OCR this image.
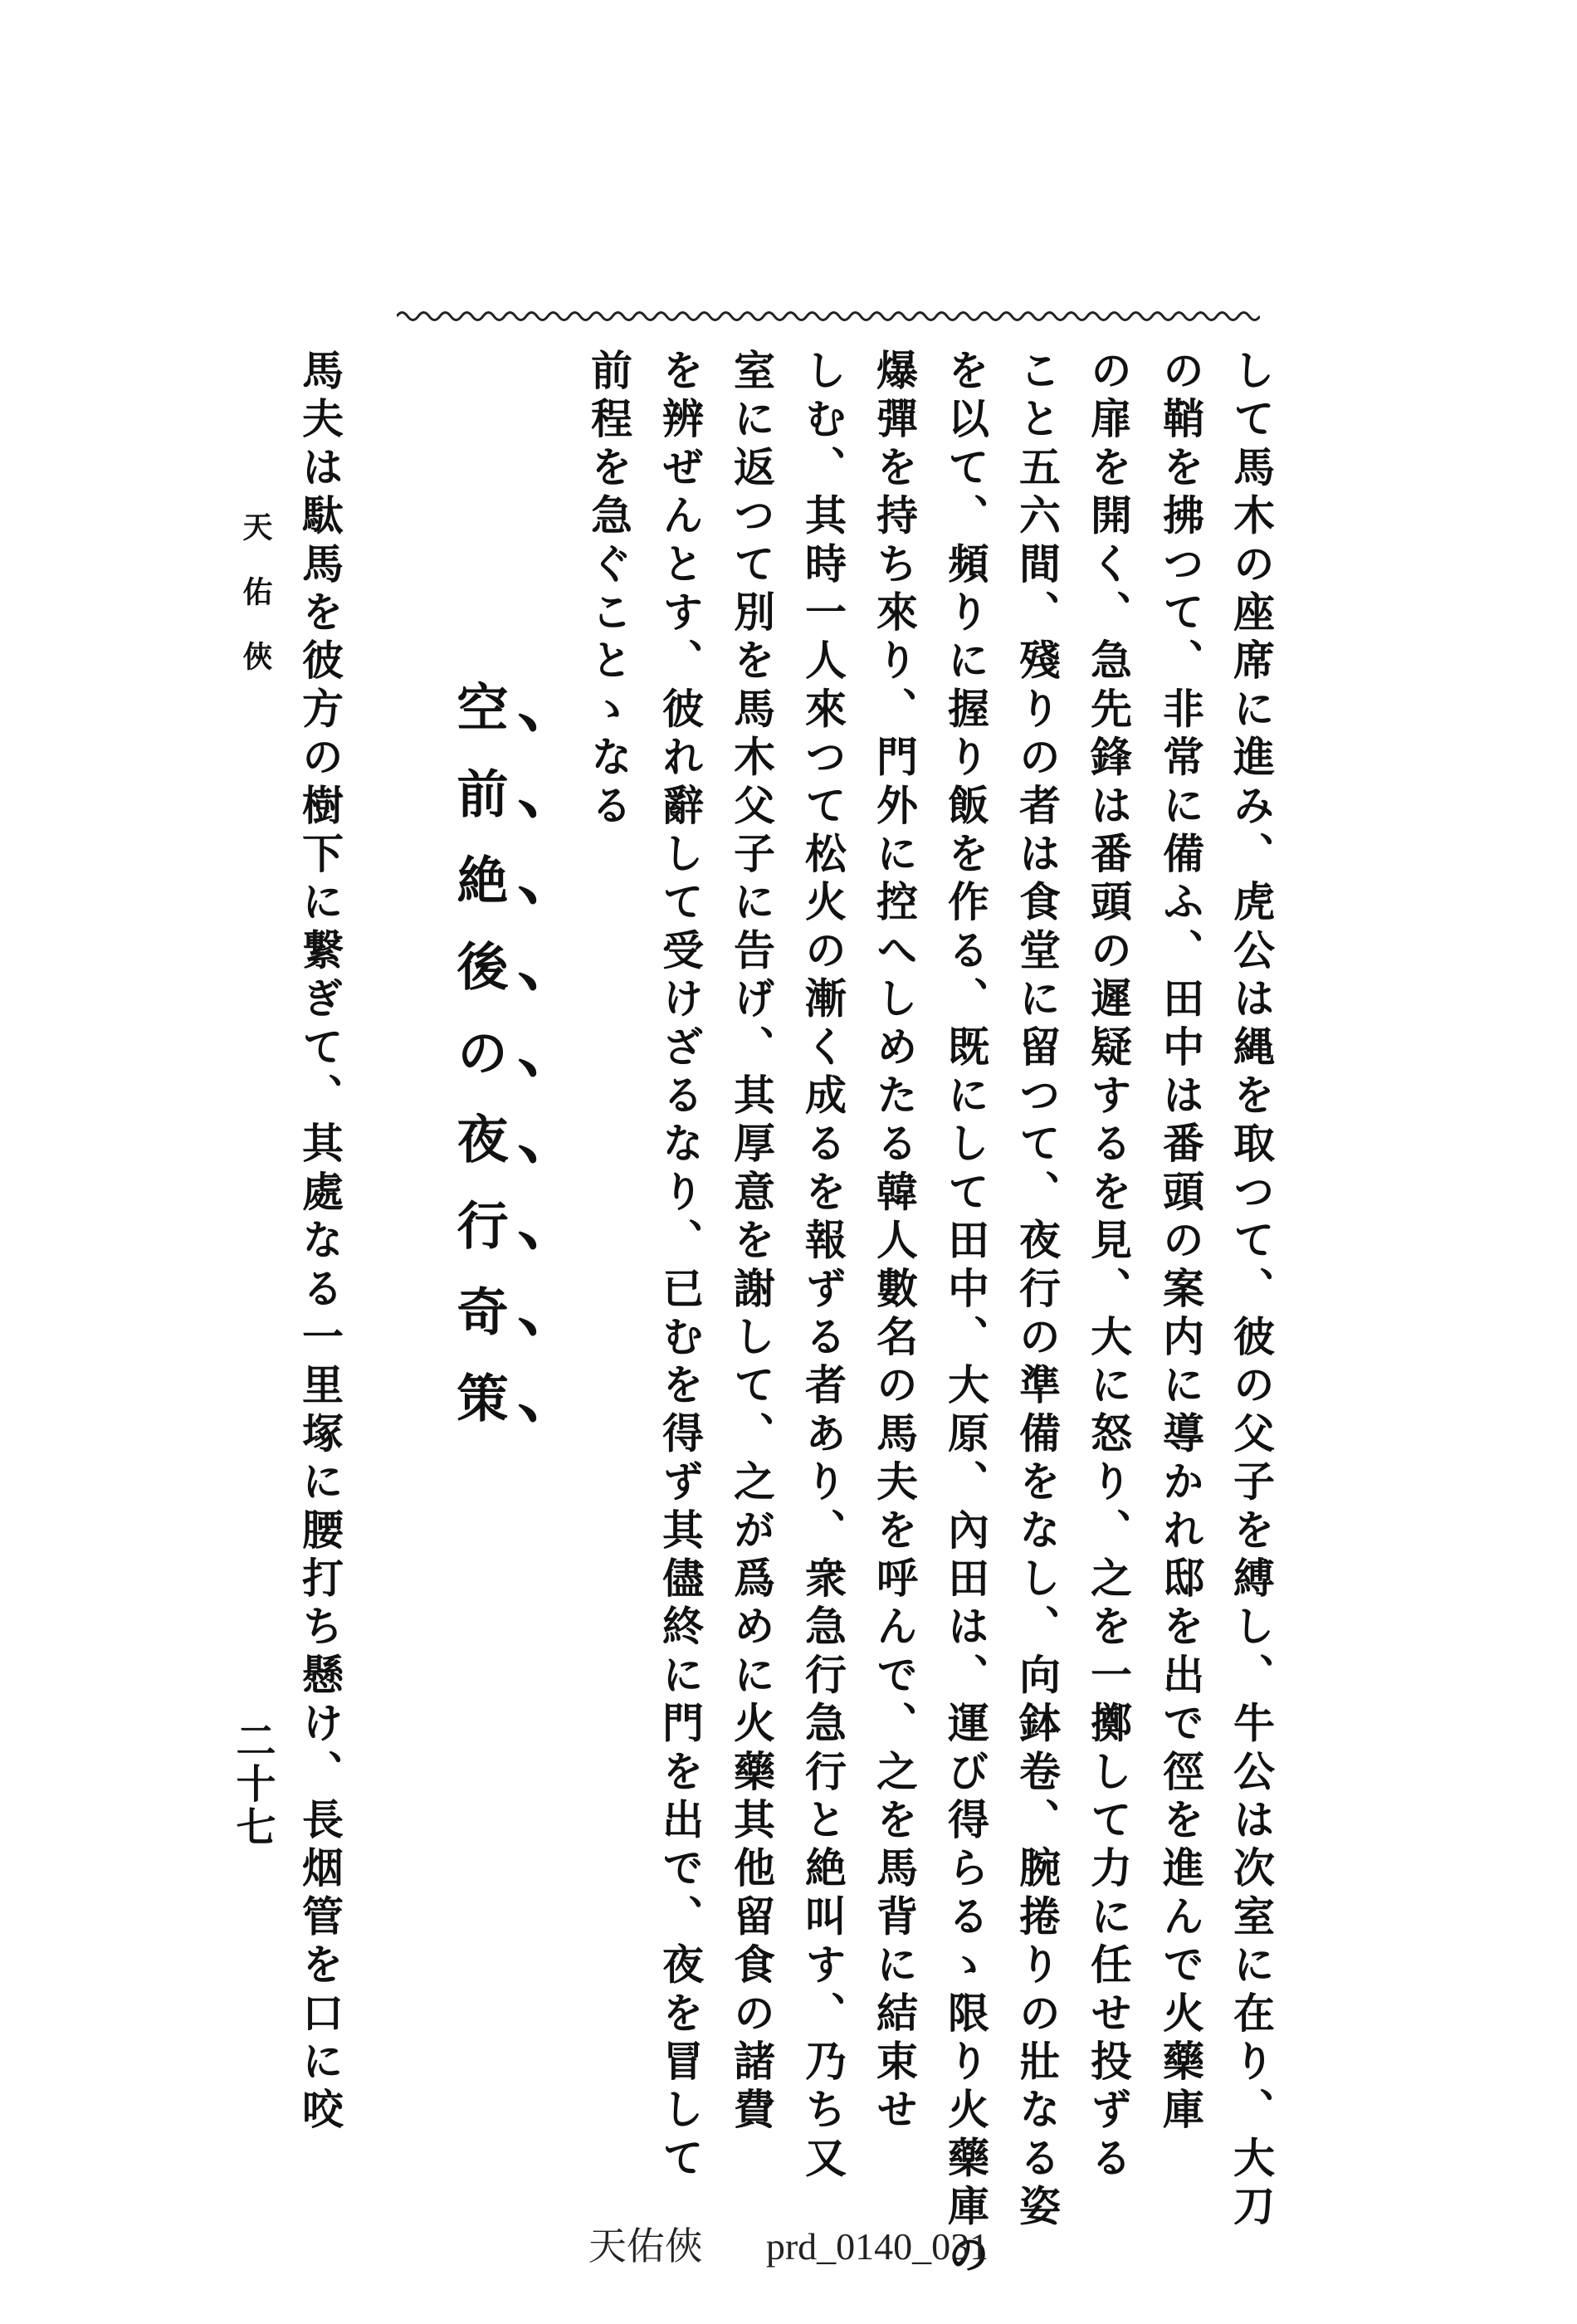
して馬木の座席に進み、虎公は縄を取つて、彼の父子を縛し、牛公は次室に在り、大刀
の鞘を拂つて、非常に備ふ、田中は番頭の案内に導かれ邸を出で徑を進んで火藥庫
の扉を開く、急先鋒は番頭の遲疑するを見、大に怒り、之を一擲して力に任せ投ずる
こと五六間、殘りの者は食堂に留つて、夜行の準備をなし、向鉢卷、腕捲りの壯なる姿
を以て、頻りに握り飯を作る、既にして田中、大原、內田は、運び得らるゝ限り火藥庫の
爆彈を持ち來り、門外に控へしめたる韓人數名の馬夫を呼んで、之を馬背に結束せ
しむ、其時一人來つて松火の漸く成るを報ずる者あり、衆急行急行と絶叫す、乃ち又
室に返つて別を馬木父子に告げ、其厚意を謝して、之が爲めに火藥其他留食の諸費
を辨ぜんとす、彼れ辭して受けざるなり、已むを得ず其儘終に門を出で、夜を冒して
前程を急ぐことゝなる
空前絶後の夜行奇策
馬夫は駄馬を彼方の樹下に繋ぎて、其處なる一里塚に腰打ち懸け、長烟管を口に咬
天佑俠
二十七
天佑俠 prd_0140_031
